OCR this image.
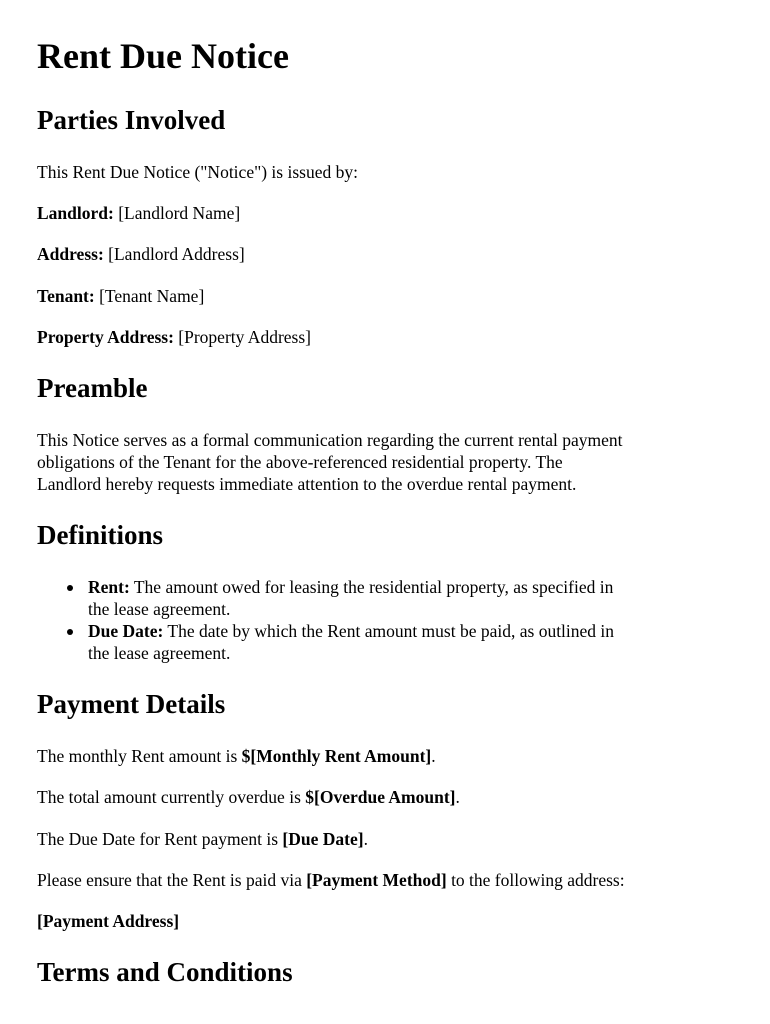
Rent Due Notice
Parties Involved

This Rent Due Notice ("Notice") is issued by:

Landlord: [Landlord Name]

Address: [Landlord Address]

Tenant: [Tenant Name]

Property Address: [Property Address]

Preamble
This Notice serves as a formal communication regarding the current rental payment
obligations of the Tenant for the above-referenced residential property. The
Landlord hereby requests immediate attention to the overdue rental payment.
Definitions
Rent: The amount owed for leasing the residential property, as specified in
the lease agreement.
Due Date: The date by which the Rent amount must be paid, as outlined in
the lease agreement.
Payment Details

The monthly Rent amount is $[Monthly Rent Amount].

The total amount currently overdue is $[Overdue Amount].

The Due Date for Rent payment is [Due Date].

Please ensure that the Rent is paid via [Payment Method] to the following address:

[Payment Address]

Terms and Conditions
